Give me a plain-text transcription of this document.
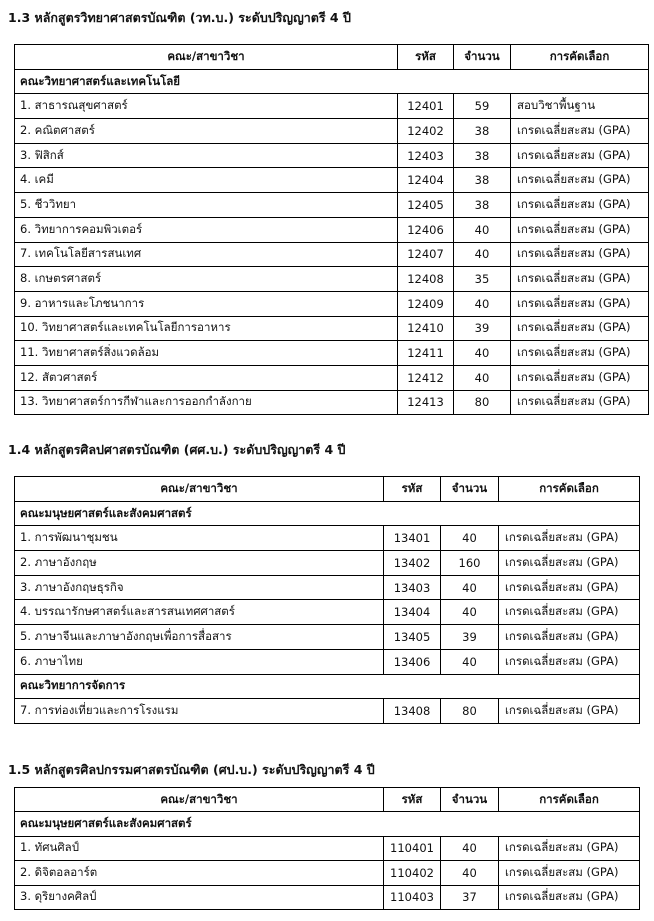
1.3 หลักสูตรวิทยาศาสตรบัณฑิต (วท.บ.) ระดับปริญญาตรี 4 ปี
คณะ/สาขาวิชา	รหัส	จำนวน	การคัดเลือก
คณะวิทยาศาสตร์และเทคโนโลยี			
1. สาธารณสุขศาสตร์	12401	59	สอบวิชาพื้นฐาน
2. คณิตศาสตร์	12402	38	เกรดเฉลี่ยสะสม (GPA)
3. ฟิสิกส์	12403	38	เกรดเฉลี่ยสะสม (GPA)
4. เคมี	12404	38	เกรดเฉลี่ยสะสม (GPA)
5. ชีววิทยา	12405	38	เกรดเฉลี่ยสะสม (GPA)
6. วิทยาการคอมพิวเตอร์	12406	40	เกรดเฉลี่ยสะสม (GPA)
7. เทคโนโลยีสารสนเทศ	12407	40	เกรดเฉลี่ยสะสม (GPA)
8. เกษตรศาสตร์	12408	35	เกรดเฉลี่ยสะสม (GPA)
9. อาหารและโภชนาการ	12409	40	เกรดเฉลี่ยสะสม (GPA)
10. วิทยาศาสตร์และเทคโนโลยีการอาหาร	12410	39	เกรดเฉลี่ยสะสม (GPA)
11. วิทยาศาสตร์สิ่งแวดล้อม	12411	40	เกรดเฉลี่ยสะสม (GPA)
12. สัตวศาสตร์	12412	40	เกรดเฉลี่ยสะสม (GPA)
13. วิทยาศาสตร์การกีฬาและการออกกำลังกาย	12413	80	เกรดเฉลี่ยสะสม (GPA)
1.4 หลักสูตรศิลปศาสตรบัณฑิต (ศศ.บ.) ระดับปริญญาตรี 4 ปี
คณะ/สาขาวิชา	รหัส	จำนวน	การคัดเลือก
คณะมนุษยศาสตร์และสังคมศาสตร์			
1. การพัฒนาชุมชน	13401	40	เกรดเฉลี่ยสะสม (GPA)
2. ภาษาอังกฤษ	13402	160	เกรดเฉลี่ยสะสม (GPA)
3. ภาษาอังกฤษธุรกิจ	13403	40	เกรดเฉลี่ยสะสม (GPA)
4. บรรณารักษศาสตร์และสารสนเทศศาสตร์	13404	40	เกรดเฉลี่ยสะสม (GPA)
5. ภาษาจีนและภาษาอังกฤษเพื่อการสื่อสาร	13405	39	เกรดเฉลี่ยสะสม (GPA)
6. ภาษาไทย	13406	40	เกรดเฉลี่ยสะสม (GPA)
คณะวิทยาการจัดการ			
7. การท่องเที่ยวและการโรงแรม	13408	80	เกรดเฉลี่ยสะสม (GPA)
1.5 หลักสูตรศิลปกรรมศาสตรบัณฑิต (ศป.บ.) ระดับปริญญาตรี 4 ปี
คณะ/สาขาวิชา	รหัส	จำนวน	การคัดเลือก
คณะมนุษยศาสตร์และสังคมศาสตร์			
1. ทัศนศิลป์	110401	40	เกรดเฉลี่ยสะสม (GPA)
2. ดิจิตอลอาร์ต	110402	40	เกรดเฉลี่ยสะสม (GPA)
3. ดุริยางคศิลป์	110403	37	เกรดเฉลี่ยสะสม (GPA)
